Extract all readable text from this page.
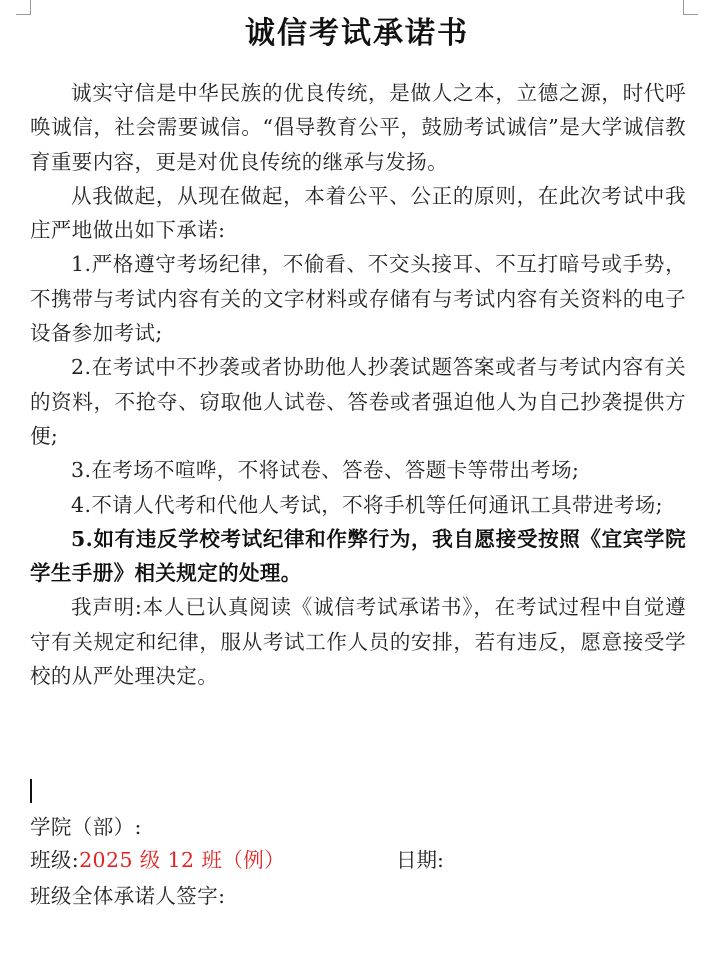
诚信考试承诺书

诚实守信是中华民族的优良传统，是做人之本，立德之源，时代呼唤诚信，社会需要诚信。“倡导教育公平，鼓励考试诚信”是大学诚信教育重要内容，更是对优良传统的继承与发扬。

从我做起，从现在做起，本着公平、公正的原则，在此次考试中我庄严地做出如下承诺:

1.严格遵守考场纪律，不偷看、不交头接耳、不互打暗号或手势，不携带与考试内容有关的文字材料或存储有与考试内容有关资料的电子设备参加考试;

2.在考试中不抄袭或者协助他人抄袭试题答案或者与考试内容有关的资料，不抢夺、窃取他人试卷、答卷或者强迫他人为自己抄袭提供方便;

3.在考场不喧哗，不将试卷、答卷、答题卡等带出考场;

4.不请人代考和代他人考试，不将手机等任何通讯工具带进考场;

5.如有违反学校考试纪律和作弊行为，我自愿接受按照《宜宾学院学生手册》相关规定的处理。

我声明:本人已认真阅读《诚信考试承诺书》，在考试过程中自觉遵守有关规定和纪律，服从考试工作人员的安排，若有违反，愿意接受学校的从严处理决定。

学院（部）:
班级:2025 级 12 班（例）	日期:
班级全体承诺人签字:
